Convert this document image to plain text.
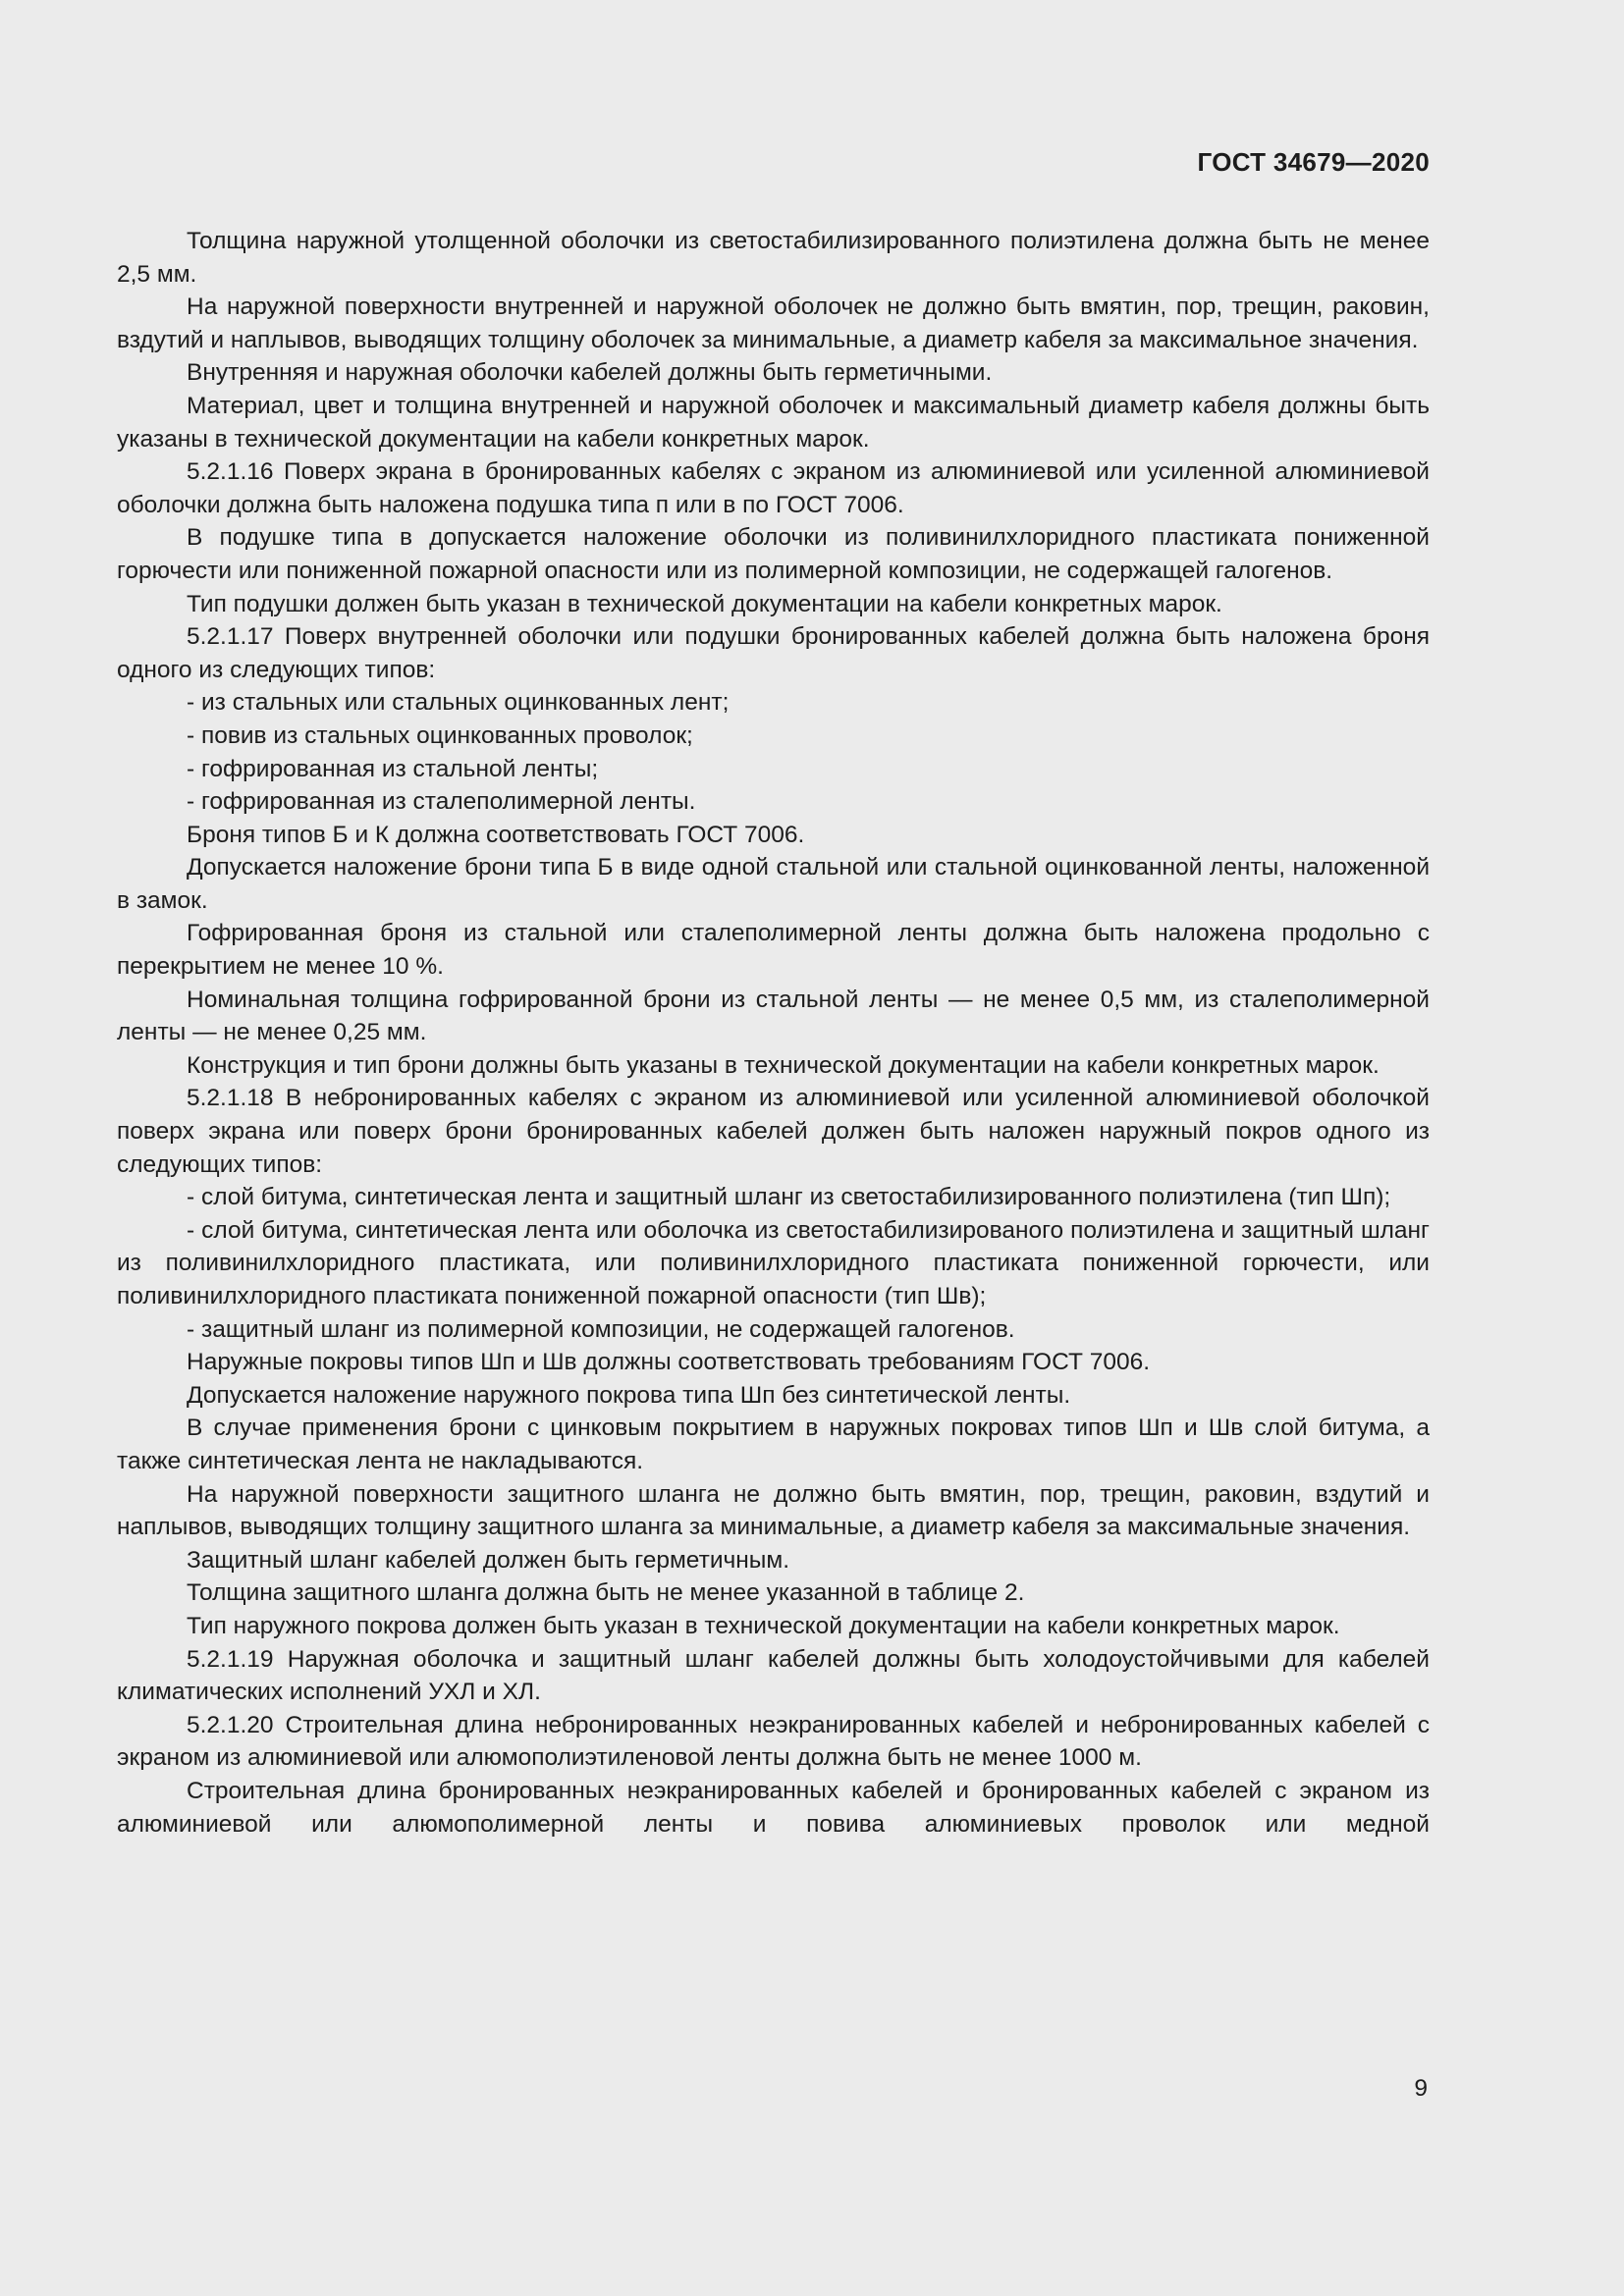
ГОСТ 34679—2020

Толщина наружной утолщенной оболочки из светостабилизированного полиэтилена должна быть не менее 2,5 мм.

На наружной поверхности внутренней и наружной оболочек не должно быть вмятин, пор, трещин, раковин, вздутий и наплывов, выводящих толщину оболочек за минимальные, а диаметр кабеля за максимальное значения.

Внутренняя и наружная оболочки кабелей должны быть герметичными.

Материал, цвет и толщина внутренней и наружной оболочек и максимальный диаметр кабеля должны быть указаны в технической документации на кабели конкретных марок.

5.2.1.16 Поверх экрана в бронированных кабелях с экраном из алюминиевой или усиленной алюминиевой оболочки должна быть наложена подушка типа п или в по ГОСТ 7006.

В подушке типа в допускается наложение оболочки из поливинилхлоридного пластиката пониженной горючести или пониженной пожарной опасности или из полимерной композиции, не содержащей галогенов.

Тип подушки должен быть указан в технической документации на кабели конкретных марок.

5.2.1.17 Поверх внутренней оболочки или подушки бронированных кабелей должна быть наложена броня одного из следующих типов:

- из стальных или стальных оцинкованных лент;

- повив из стальных оцинкованных проволок;

- гофрированная из стальной ленты;

- гофрированная из сталеполимерной ленты.

Броня типов Б и К должна соответствовать ГОСТ 7006.

Допускается наложение брони типа Б в виде одной стальной или стальной оцинкованной ленты, наложенной в замок.

Гофрированная броня из стальной или сталеполимерной ленты должна быть наложена продольно с перекрытием не менее 10 %.

Номинальная толщина гофрированной брони из стальной ленты — не менее 0,5 мм, из сталеполимерной ленты — не менее 0,25 мм.

Конструкция и тип брони должны быть указаны в технической документации на кабели конкретных марок.

5.2.1.18 В небронированных кабелях с экраном из алюминиевой или усиленной алюминиевой оболочкой поверх экрана или поверх брони бронированных кабелей должен быть наложен наружный покров одного из следующих типов:

- слой битума, синтетическая лента и защитный шланг из светостабилизированного полиэтилена (тип Шп);

- слой битума, синтетическая лента или оболочка из светостабилизированого полиэтилена и защитный шланг из поливинилхлоридного пластиката, или поливинилхлоридного пластиката пониженной горючести, или поливинилхлоридного пластиката пониженной пожарной опасности (тип Шв);

- защитный шланг из полимерной композиции, не содержащей галогенов.

Наружные покровы типов Шп и Шв должны соответствовать требованиям ГОСТ 7006.

Допускается наложение наружного покрова типа Шп без синтетической ленты.

В случае применения брони с цинковым покрытием в наружных покровах типов Шп и Шв слой битума, а также синтетическая лента не накладываются.

На наружной поверхности защитного шланга не должно быть вмятин, пор, трещин, раковин, вздутий и наплывов, выводящих толщину защитного шланга за минимальные, а диаметр кабеля за максимальные значения.

Защитный шланг кабелей должен быть герметичным.

Толщина защитного шланга должна быть не менее указанной в таблице 2.

Тип наружного покрова должен быть указан в технической документации на кабели конкретных марок.

5.2.1.19 Наружная оболочка и защитный шланг кабелей должны быть холодоустойчивыми для кабелей климатических исполнений УХЛ и ХЛ.

5.2.1.20 Строительная длина небронированных неэкранированных кабелей и небронированных кабелей с экраном из алюминиевой или алюмополиэтиленовой ленты должна быть не менее 1000 м.

Строительная длина бронированных неэкранированных кабелей и бронированных кабелей с экраном из алюминиевой или алюмополимерной ленты и повива алюминиевых проволок или медной

9
